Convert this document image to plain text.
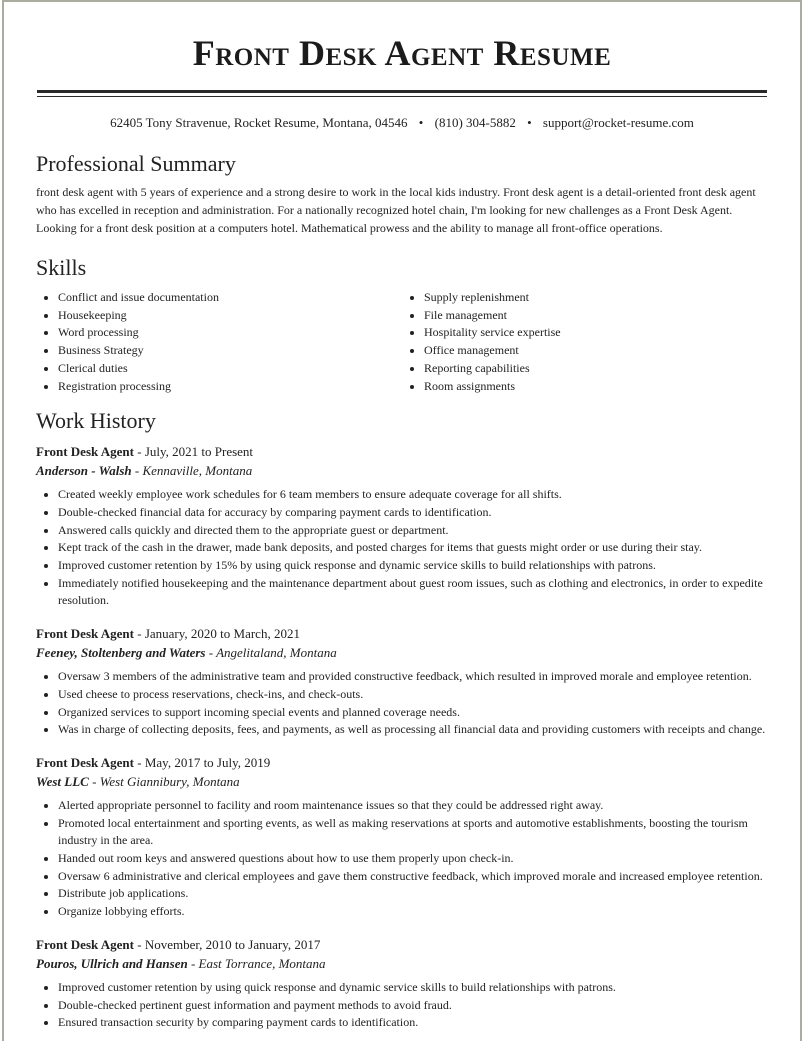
Front Desk Agent Resume
62405 Tony Stravenue, Rocket Resume, Montana, 04546 • (810) 304-5882 • support@rocket-resume.com
Professional Summary

front desk agent with 5 years of experience and a strong desire to work in the local kids industry. Front desk agent is a detail-oriented front desk agent who has excelled in reception and administration. For a nationally recognized hotel chain, I'm looking for new challenges as a Front Desk Agent. Looking for a front desk position at a computers hotel. Mathematical prowess and the ability to manage all front-office operations.

Skills
• Conflict and issue documentation
• Housekeeping
• Word processing
• Business Strategy
• Clerical duties
• Registration processing
• Supply replenishment
• File management
• Hospitality service expertise
• Office management
• Reporting capabilities
• Room assignments
Work History
Front Desk Agent - July, 2021 to Present
Anderson - Walsh - Kennaville, Montana
• Created weekly employee work schedules for 6 team members to ensure adequate coverage for all shifts.
• Double-checked financial data for accuracy by comparing payment cards to identification.
• Answered calls quickly and directed them to the appropriate guest or department.
• Kept track of the cash in the drawer, made bank deposits, and posted charges for items that guests might order or use during their stay.
• Improved customer retention by 15% by using quick response and dynamic service skills to build relationships with patrons.
• Immediately notified housekeeping and the maintenance department about guest room issues, such as clothing and electronics, in order to expedite resolution.
Front Desk Agent - January, 2020 to March, 2021
Feeney, Stoltenberg and Waters - Angelitaland, Montana
• Oversaw 3 members of the administrative team and provided constructive feedback, which resulted in improved morale and employee retention.
• Used cheese to process reservations, check-ins, and check-outs.
• Organized services to support incoming special events and planned coverage needs.
• Was in charge of collecting deposits, fees, and payments, as well as processing all financial data and providing customers with receipts and change.
Front Desk Agent - May, 2017 to July, 2019
West LLC - West Giannibury, Montana
• Alerted appropriate personnel to facility and room maintenance issues so that they could be addressed right away.
• Promoted local entertainment and sporting events, as well as making reservations at sports and automotive establishments, boosting the tourism industry in the area.
• Handed out room keys and answered questions about how to use them properly upon check-in.
• Oversaw 6 administrative and clerical employees and gave them constructive feedback, which improved morale and increased employee retention.
• Distribute job applications.
• Organize lobbying efforts.
Front Desk Agent - November, 2010 to January, 2017
Pouros, Ullrich and Hansen - East Torrance, Montana
• Improved customer retention by using quick response and dynamic service skills to build relationships with patrons.
• Double-checked pertinent guest information and payment methods to avoid fraud.
• Ensured transaction security by comparing payment cards to identification.
